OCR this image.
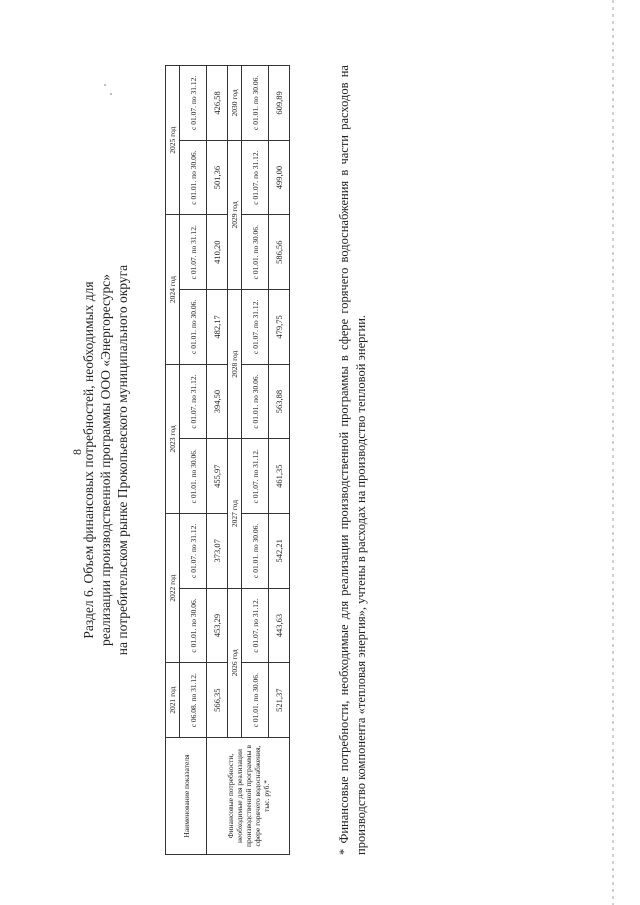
8
Раздел 6. Объем финансовых потребностей, необходимых для реализации производственной программы ООО «Энергоресурс» на потребительском рынке Прокопьевского муниципального округа
Наименование показателя	2021 год	2022 год		2023 год		2024 год		2025 год	
	с 06.08. по 31.12.	с 01.01. по 30.06.	с 01.07. по 31.12.	с 01.01. по 30.06.	с 01.07. по 31.12.	с 01.01. по 30.06.	с 01.07. по 31.12.	с 01.01. по 30.06.	с 01.07. по 31.12.
Финансовые потребности, необходимые для реализации производственной программы в сфере горячего водоснабжения, тыс. руб.*	566,35	453,29	373,07	455,97	394,50	482,17	410,20	501,36	426,58
	2026 год		2027 год		2028 год		2029 год		2030 год
	с 01.01. по 30.06.	с 01.07. по 31.12.	с 01.01. по 30.06.	с 01.07. по 31.12.	с 01.01. по 30.06.	с 01.07. по 31.12.	с 01.01. по 30.06.	с 01.07. по 31.12.	с 01.01. по 30.06.
	521,37	443,63	542,21	461,35	563,88	479,75	586,56	499,00	609,89	* Финансовые потребности, необходимые для реализации производственной программы в сфере горячего водоснабжения в части расходов на производство компонента «тепловая энергия», учтены в расходах на производство тепловой энергии.
